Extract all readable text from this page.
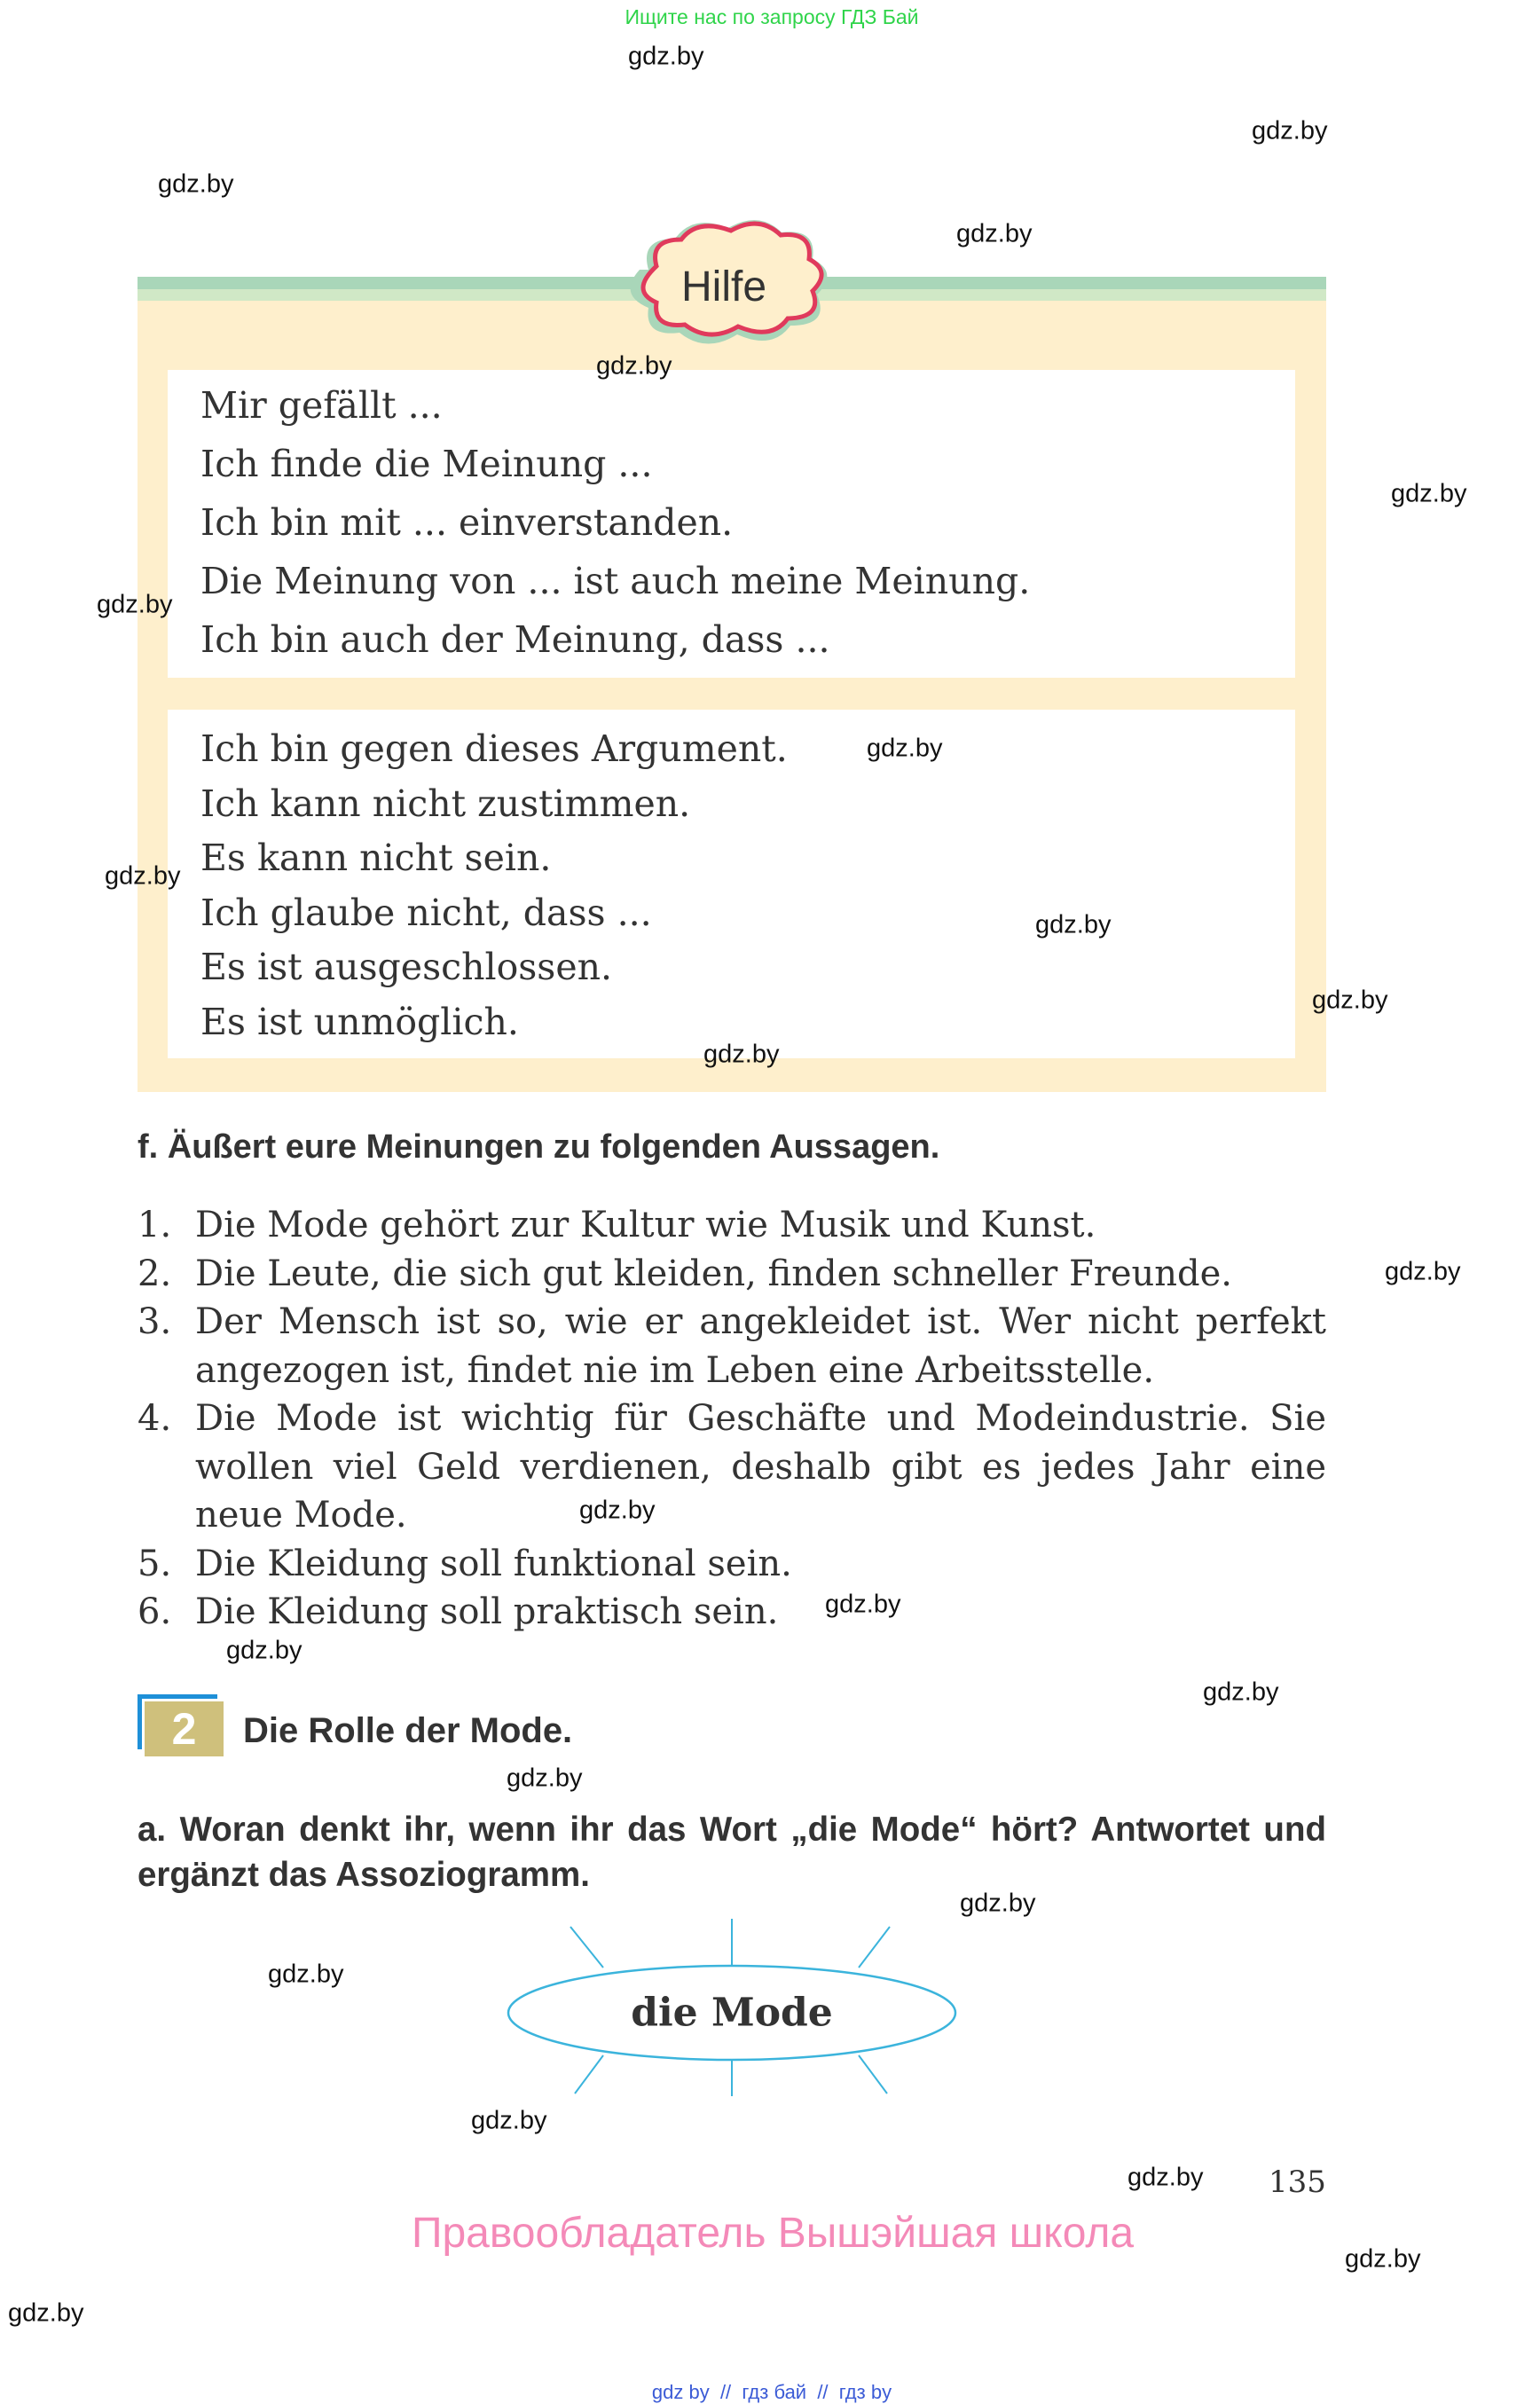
Ищите нас по запросу ГДЗ Бай
Hilfe
Mir gefällt ...
Ich finde die Meinung ...
Ich bin mit ... einverstanden.
Die Meinung von ... ist auch meine Meinung.
Ich bin auch der Meinung, dass ...
Ich bin gegen dieses Argument.
Ich kann nicht zustimmen.
Es kann nicht sein.
Ich glaube nicht, dass ...
Es ist ausgeschlossen.
Es ist unmöglich.
f. Äußert eure Meinungen zu folgenden Aussagen.
1. Die Mode gehört zur Kultur wie Musik und Kunst.
2. Die Leute, die sich gut kleiden, finden schneller Freunde.
3. Der Mensch ist so, wie er angekleidet ist. Wer nicht perfekt angezogen ist, findet nie im Leben eine Arbeitsstelle.
4. Die Mode ist wichtig für Geschäfte und Modeindustrie. Sie wollen viel Geld verdienen, deshalb gibt es jedes Jahr eine neue Mode.
5. Die Kleidung soll funktional sein.
6. Die Kleidung soll praktisch sein.
2	Die Rolle der Mode.
a. Woran denkt ihr, wenn ihr das Wort „die Mode“ hört? Antwortet und ergänzt das Assoziogramm.
die Mode
135
Правообладатель Вышэйшая школа
gdz by  //  гдз бай  //  гдз by
gdz.by
gdz.by
gdz.by
gdz.by
gdz.by
gdz.by
gdz.by
gdz.by
gdz.by
gdz.by
gdz.by
gdz.by
gdz.by
gdz.by
gdz.by
gdz.by
gdz.by
gdz.by
gdz.by
gdz.by
gdz.by
gdz.by
gdz.by
gdz.by
